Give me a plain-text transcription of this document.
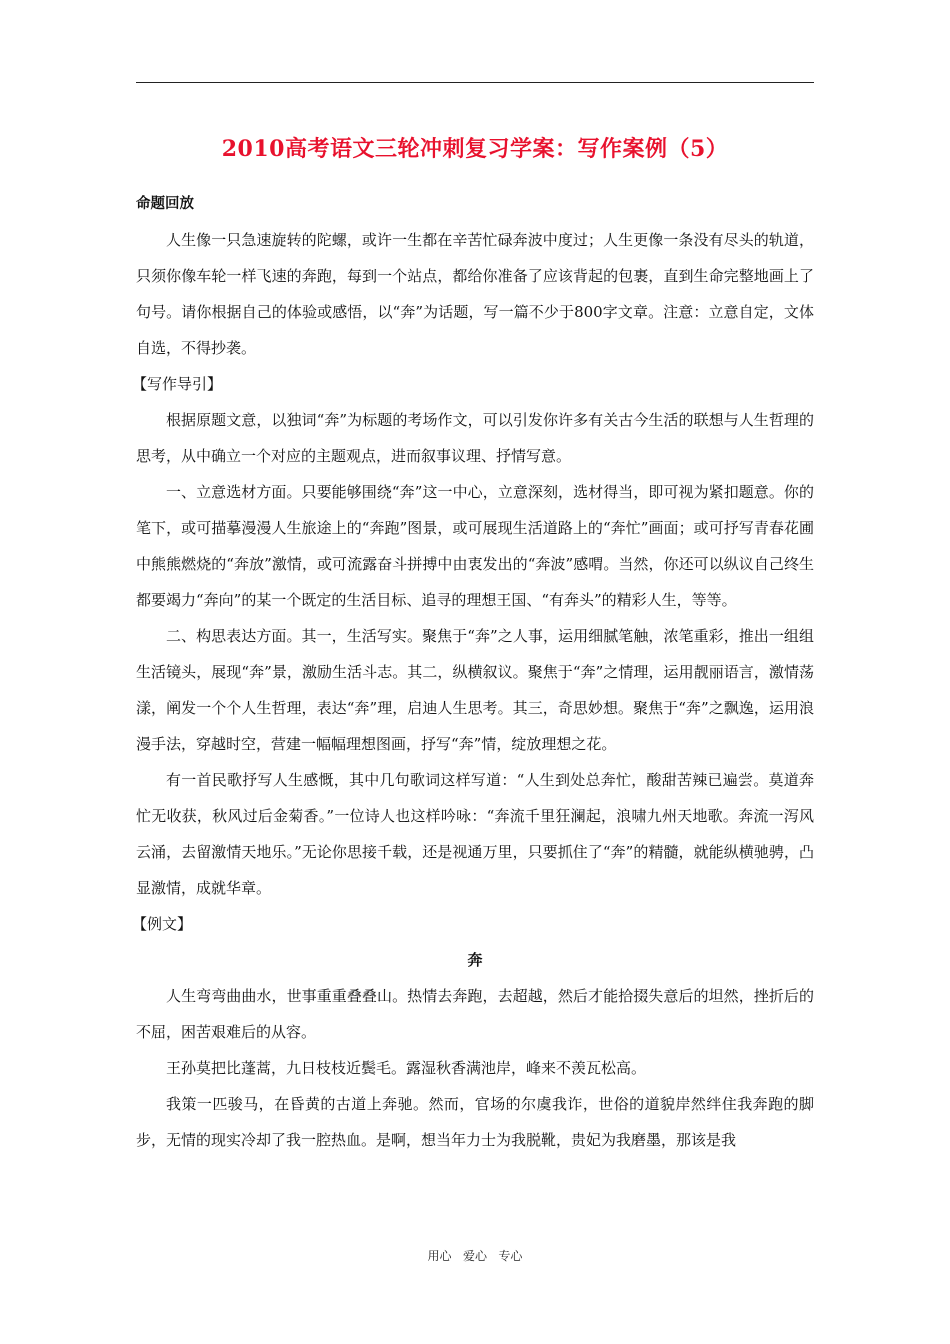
2010高考语文三轮冲刺复习学案：写作案例（5）

命题回放

人生像一只急速旋转的陀螺，或许一生都在辛苦忙碌奔波中度过；人生更像一条没有尽头的轨道，只须你像车轮一样飞速的奔跑，每到一个站点，都给你准备了应该背起的包裹，直到生命完整地画上了句号。请你根据自己的体验或感悟，以“奔”为话题，写一篇不少于800字文章。注意：立意自定，文体自选，不得抄袭。

【写作导引】

根据原题文意，以独词“奔”为标题的考场作文，可以引发你许多有关古今生活的联想与人生哲理的思考，从中确立一个对应的主题观点，进而叙事议理、抒情写意。

一、立意选材方面。只要能够围绕“奔”这一中心，立意深刻，选材得当，即可视为紧扣题意。你的笔下，或可描摹漫漫人生旅途上的“奔跑”图景，或可展现生活道路上的“奔忙”画面；或可抒写青春花圃中熊熊燃烧的“奔放”激情，或可流露奋斗拼搏中由衷发出的“奔波”感喟。当然，你还可以纵议自己终生都要竭力“奔向”的某一个既定的生活目标、追寻的理想王国、“有奔头”的精彩人生，等等。

二、构思表达方面。其一，生活写实。聚焦于“奔”之人事，运用细腻笔触，浓笔重彩，推出一组组生活镜头，展现“奔”景，激励生活斗志。其二，纵横叙议。聚焦于“奔”之情理，运用靓丽语言，激情荡漾，阐发一个个人生哲理，表达“奔”理，启迪人生思考。其三，奇思妙想。聚焦于“奔”之飘逸，运用浪漫手法，穿越时空，营建一幅幅理想图画，抒写“奔”情，绽放理想之花。

有一首民歌抒写人生感慨，其中几句歌词这样写道：“人生到处总奔忙，酸甜苦辣已遍尝。莫道奔忙无收获，秋风过后金菊香。”一位诗人也这样吟咏：“奔流千里狂澜起，浪啸九州天地歌。奔流一泻风云涌，去留激情天地乐。”无论你思接千载，还是视通万里，只要抓住了“奔”的精髓，就能纵横驰骋，凸显激情，成就华章。

【例文】

奔

人生弯弯曲曲水，世事重重叠叠山。热情去奔跑，去超越，然后才能拾掇失意后的坦然，挫折后的不屈，困苦艰难后的从容。

王孙莫把比蓬蒿，九日枝枝近鬓毛。露湿秋香满池岸，峰来不羡瓦松高。

我策一匹骏马，在昏黄的古道上奔驰。然而，官场的尔虞我诈，世俗的道貌岸然绊住我奔跑的脚步，无情的现实冷却了我一腔热血。是啊，想当年力士为我脱靴，贵妃为我磨墨，那该是我

用心   爱心   专心
